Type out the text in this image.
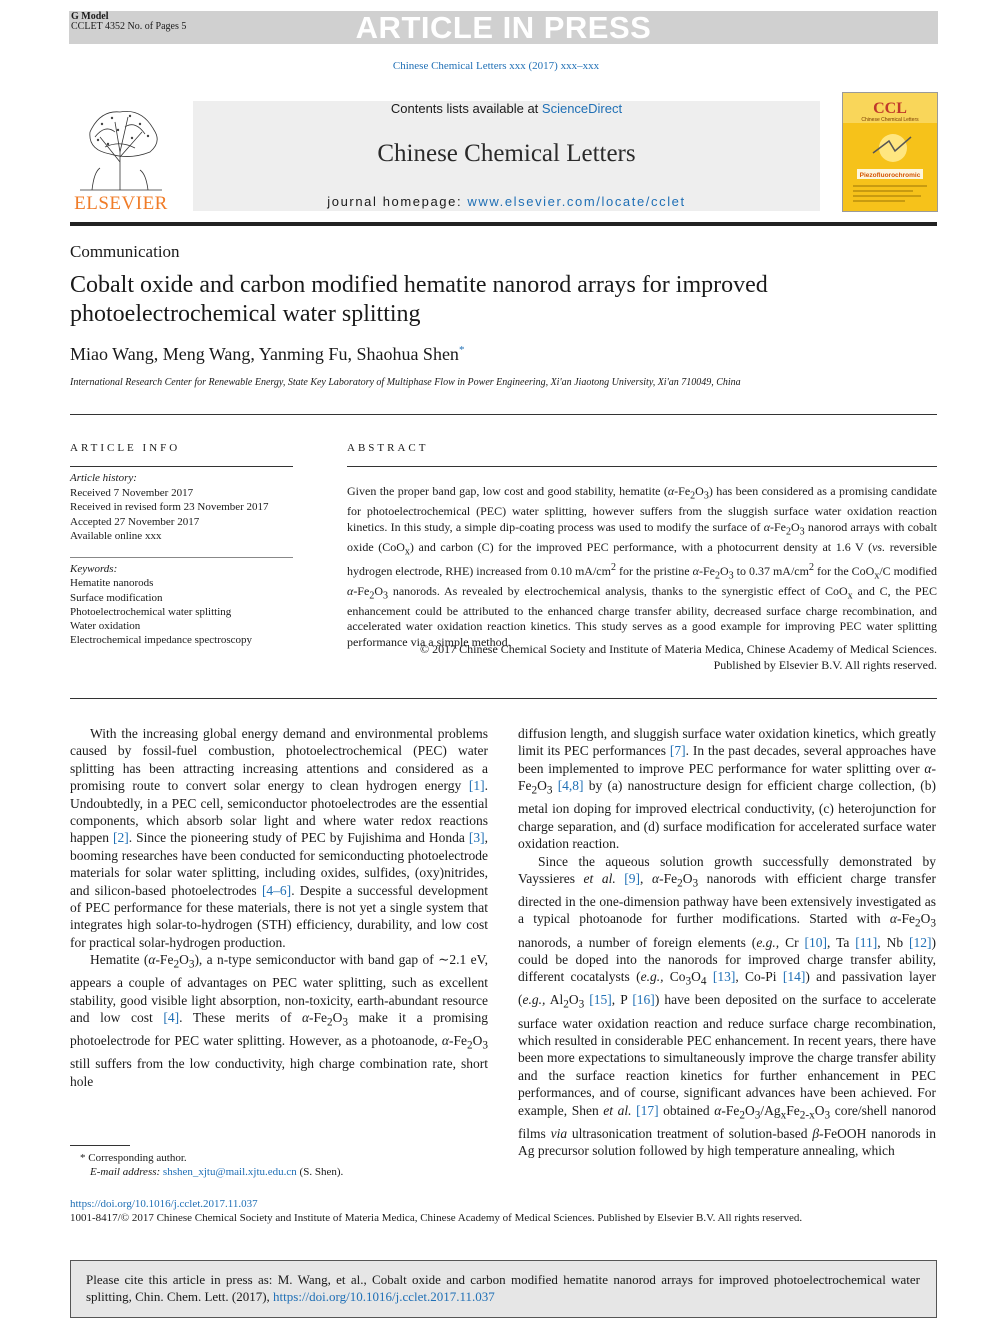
ARTICLE IN PRESS
G Model
CCLET 4352 No. of Pages 5
Chinese Chemical Letters xxx (2017) xxx–xxx
ELSEVIER
Contents lists available at ScienceDirect
Chinese Chemical Letters
journal homepage: www.elsevier.com/locate/cclet
CCL
Chinese Chemical Letters
Piezofluorochromic
Communication
Cobalt oxide and carbon modified hematite nanorod arrays for improved photoelectrochemical water splitting
Miao Wang, Meng Wang, Yanming Fu, Shaohua Shen*
International Research Center for Renewable Energy, State Key Laboratory of Multiphase Flow in Power Engineering, Xi'an Jiaotong University, Xi'an 710049, China
ARTICLE INFO
Article history:
Received 7 November 2017
Received in revised form 23 November 2017
Accepted 27 November 2017
Available online xxx
Keywords:
Hematite nanorods
Surface modification
Photoelectrochemical water splitting
Water oxidation
Electrochemical impedance spectroscopy
ABSTRACT

Given the proper band gap, low cost and good stability, hematite $(\alpha-Fe_2O_3)$ has been considered as a promising candidate for photoelectrochemical (PEC) water splitting, however suffers from the sluggish surface water oxidation reaction kinetics. In this study, a simple dip-coating process was used to modify the surface of $\alpha-Fe_2O_3$ nanorod arrays with cobalt oxide (CoO$_x$) and carbon (C) for the improved PEC performance, with a photocurrent density at 1.6 V (vs. reversible hydrogen electrode, RHE) increased from 0.10 $mA/cm^2$ for the pristine $\alpha-Fe_2O_3$ to 0.37 $mA/cm^2$ for the CoO$_x$/C modified $\alpha-Fe_2O_3$ nanorods. As revealed by electrochemical analysis, thanks to the synergistic effect of CoO$_x$ and C, the PEC enhancement could be attributed to the enhanced charge transfer ability, decreased surface charge recombination, and accelerated water oxidation reaction kinetics. This study serves as a good example for improving PEC water splitting performance via a simple method.

© 2017 Chinese Chemical Society and Institute of Materia Medica, Chinese Academy of Medical Sciences.
Published by Elsevier B.V. All rights reserved.

With the increasing global energy demand and environmental problems caused by fossil-fuel combustion, photoelectrochemical (PEC) water splitting has been attracting increasing attentions and considered as a promising route to convert solar energy to clean hydrogen energy [1]. Undoubtedly, in a PEC cell, semiconductor photoelectrodes are the essential components, which absorb solar light and where water redox reactions happen [2]. Since the pioneering study of PEC by Fujishima and Honda [3], booming researches have been conducted for semiconducting photoelectrode materials for solar water splitting, including oxides, sulfides, (oxy)nitrides, and silicon-based photoelectrodes [4–6]. Despite a successful development of PEC performance for these materials, there is not yet a single system that integrates high solar-to-hydrogen (STH) efficiency, durability, and low cost for practical solar-hydrogen production.

Hematite $(\alpha-Fe_2O_3)$, a n-type semiconductor with band gap of ∼2.1 eV, appears a couple of advantages on PEC water splitting, such as excellent stability, good visible light absorption, non-toxicity, earth-abundant resource and low cost [4]. These merits of $\alpha-Fe_2O_3$ make it a promising photoelectrode for PEC water splitting. However, as a photoanode, $\alpha-Fe_2O_3$ still suffers from the low conductivity, high charge combination rate, short hole

diffusion length, and sluggish surface water oxidation kinetics, which greatly limit its PEC performances [7]. In the past decades, several approaches have been implemented to improve PEC performance for water splitting over $\alpha-Fe_2O_3$ [4,8] by (a) nanostructure design for efficient charge collection, (b) metal ion doping for improved electrical conductivity, (c) heterojunction for charge separation, and (d) surface modification for accelerated surface water oxidation reaction.

Since the aqueous solution growth successfully demonstrated by Vayssieres et al. [9], $\alpha-Fe_2O_3$ nanorods with efficient charge transfer directed in the one-dimension pathway have been extensively investigated as a typical photoanode for further modifications. Started with $\alpha-Fe_2O_3$ nanorods, a number of foreign elements (e.g., Cr [10], Ta [11], Nb [12]) could be doped into the nanorods for improved charge transfer ability, different cocatalysts (e.g., $Co_3O_4$ [13], Co-Pi [14]) and passivation layer (e.g., $Al_2O_3$ [15], P [16]) have been deposited on the surface to accelerate surface water oxidation reaction and reduce surface charge recombination, which resulted in considerable PEC enhancement. In recent years, there have been more expectations to simultaneously improve the charge transfer ability and the surface reaction kinetics for further enhancement in PEC performances, and of course, significant advances have been achieved. For example, Shen et al. [17] obtained $\alpha-Fe_2O_3/Ag_xFe_{2-x}O_3$ core/shell nanorod films via ultrasonication treatment of solution-based β-FeOOH nanorods in Ag precursor solution followed by high temperature annealing, which

* Corresponding author.
E-mail address: shshen_xjtu@mail.xjtu.edu.cn (S. Shen).
https://doi.org/10.1016/j.cclet.2017.11.037
1001-8417/© 2017 Chinese Chemical Society and Institute of Materia Medica, Chinese Academy of Medical Sciences. Published by Elsevier B.V. All rights reserved.
Please cite this article in press as: M. Wang, et al., Cobalt oxide and carbon modified hematite nanorod arrays for improved photoelectrochemical water splitting, Chin. Chem. Lett. (2017), https://doi.org/10.1016/j.cclet.2017.11.037
